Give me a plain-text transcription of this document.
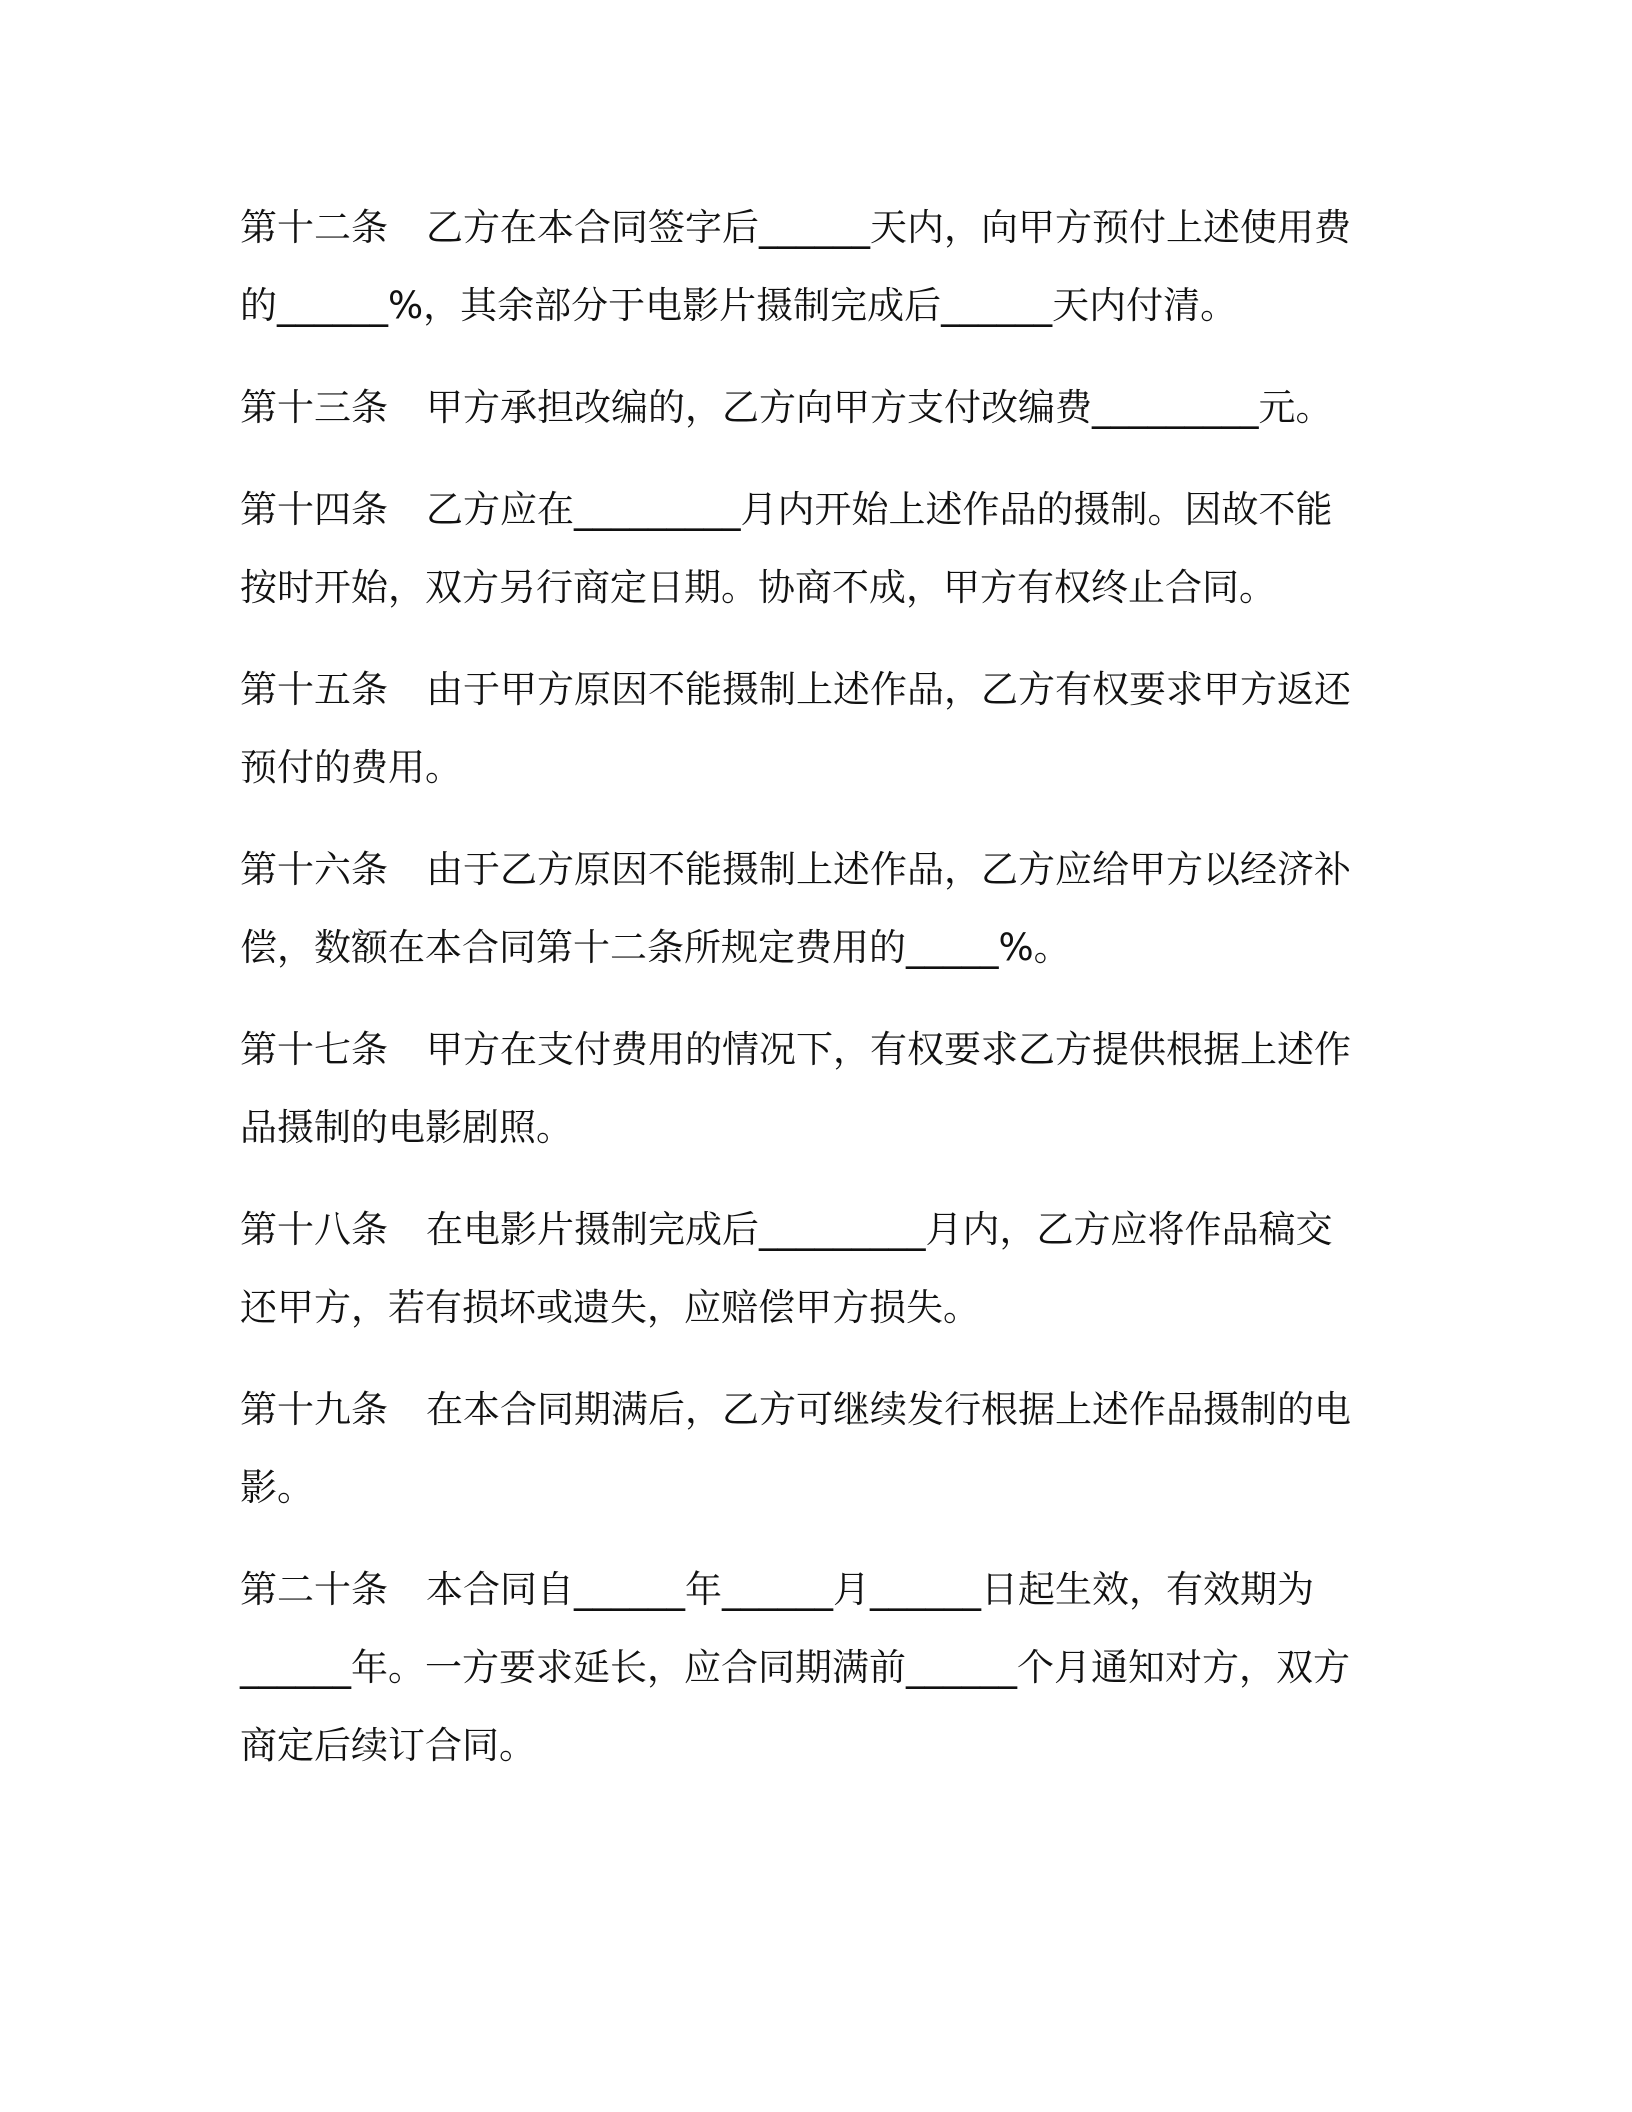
第十二条 乙方在本合同签字后______天内，向甲方预付上述使用费
的______%，其余部分于电影片摄制完成后______天内付清。
第十三条 甲方承担改编的，乙方向甲方支付改编费_________元。
第十四条 乙方应在_________月内开始上述作品的摄制。因故不能
按时开始，双方另行商定日期。协商不成，甲方有权终止合同。
第十五条 由于甲方原因不能摄制上述作品，乙方有权要求甲方返还
预付的费用。
第十六条 由于乙方原因不能摄制上述作品，乙方应给甲方以经济补
偿，数额在本合同第十二条所规定费用的_____%。
第十七条 甲方在支付费用的情况下，有权要求乙方提供根据上述作
品摄制的电影剧照。
第十八条 在电影片摄制完成后_________月内，乙方应将作品稿交
还甲方，若有损坏或遗失，应赔偿甲方损失。
第十九条 在本合同期满后，乙方可继续发行根据上述作品摄制的电
影。
第二十条 本合同自______年______月______日起生效，有效期为
______年。一方要求延长，应合同期满前______个月通知对方，双方
商定后续订合同。
